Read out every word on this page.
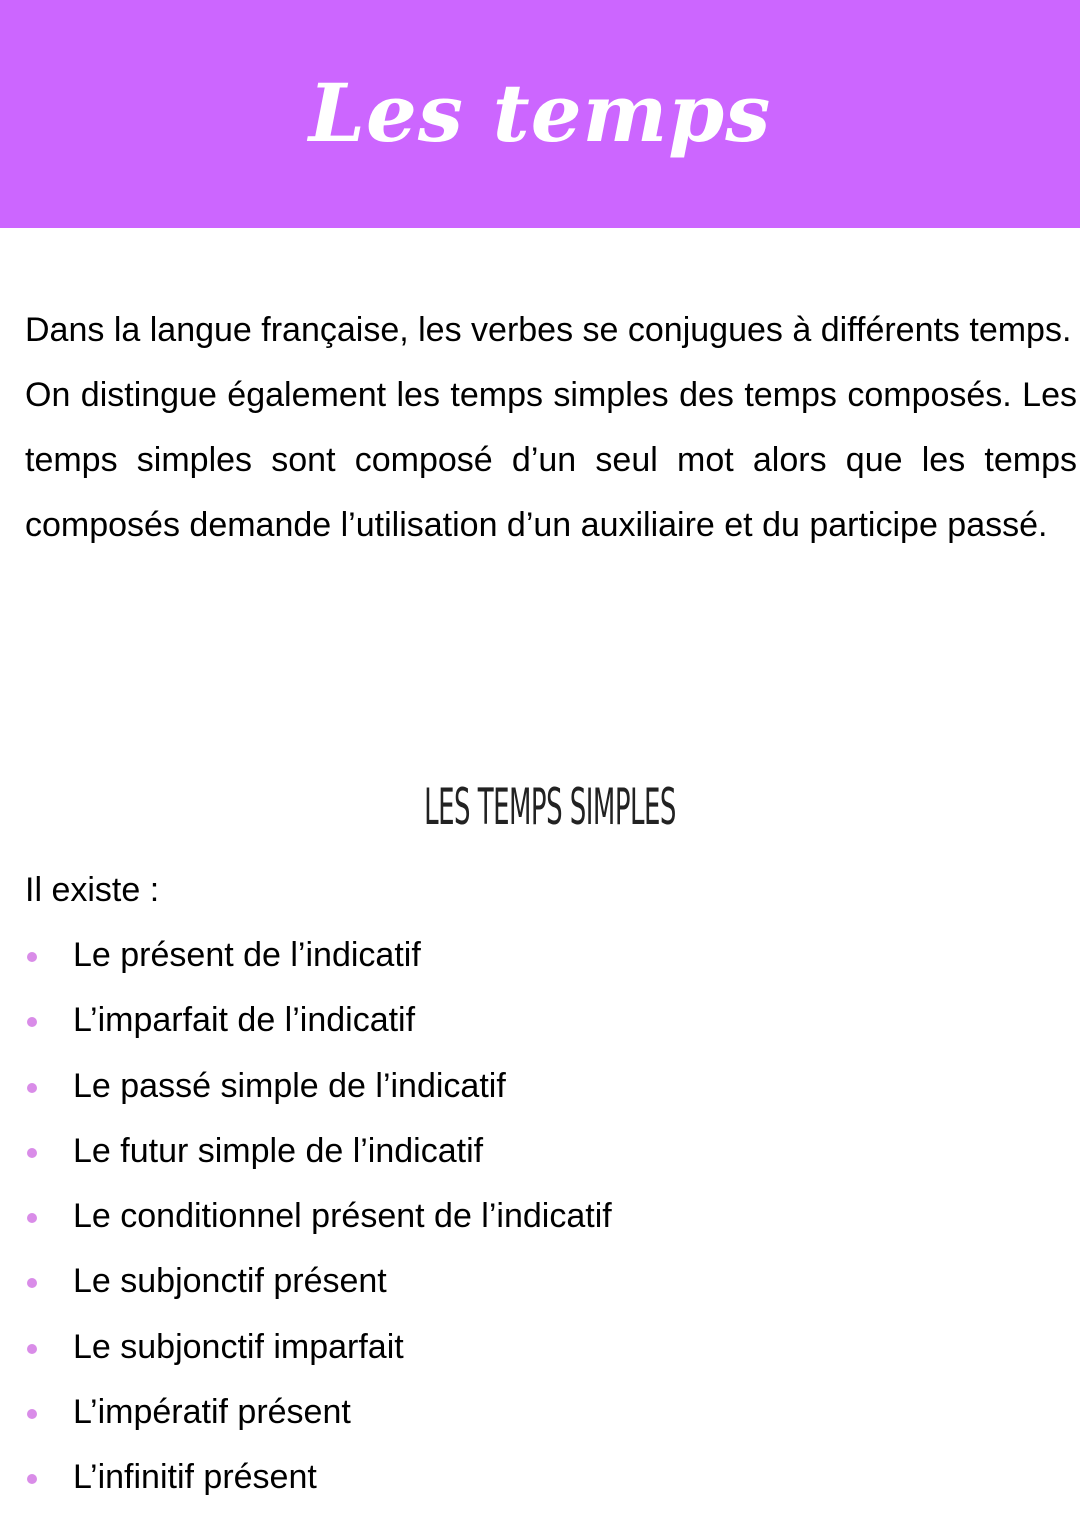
Les temps

Dans la langue française, les verbes se conjugues à différents temps.

On distingue également les temps simples des temps composés. Les temps simples sont composé d’un seul mot alors que les temps composés demande l’utilisation d’un auxiliaire et du participe passé.

LES TEMPS SIMPLES

Il existe :

Le présent de l’indicatif
L’imparfait de l’indicatif
Le passé simple de l’indicatif
Le futur simple de l’indicatif
Le conditionnel présent de l’indicatif
Le subjonctif présent
Le subjonctif imparfait
L’impératif présent
L’infinitif présent
